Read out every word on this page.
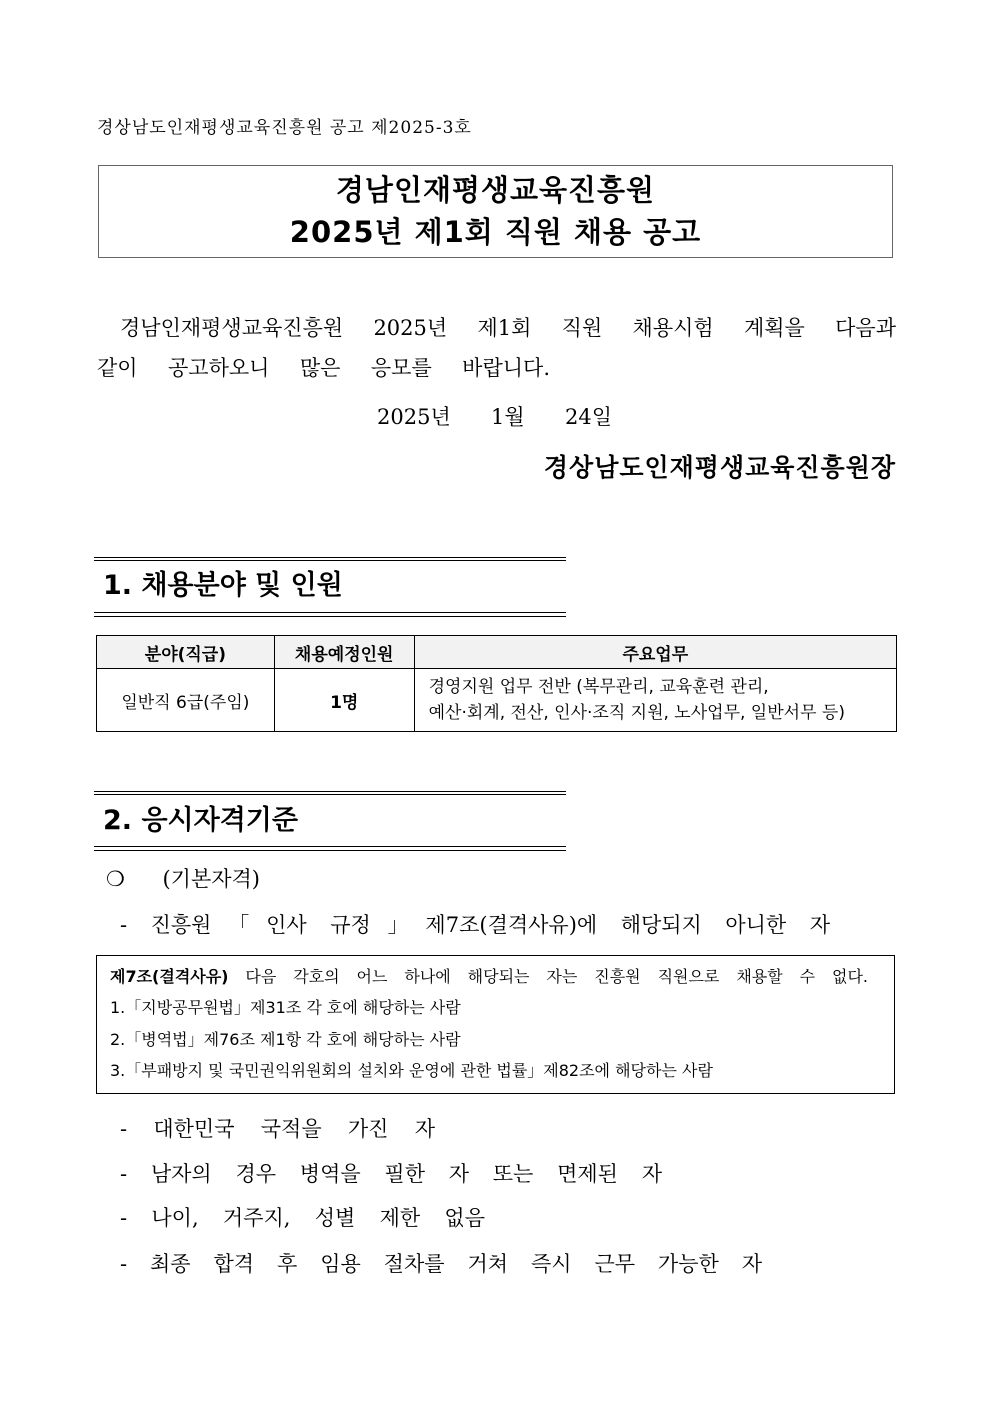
경상남도인재평생교육진흥원 공고 제2025-3호
경남인재평생교육진흥원
2025년 제1회 직원 채용 공고
경남인재평생교육진흥원 2025년 제1회 직원 채용시험 계획을 다음과
같이 공고하오니 많은 응모를 바랍니다.
2025년 1월 24일
경상남도인재평생교육진흥원장
1. 채용분야 및 인원
분야(직급)	채용예정인원	주요업무
일반직 6급(주임)	1명	경영지원 업무 전반 (복무관리, 교육훈련 관리,
예산·회계, 전산, 인사·조직 지원, 노사업무, 일반서무 등)
2. 응시자격기준
❍ (기본자격)
- 진흥원「인사 규정」제7조(결격사유)에 해당되지 아니한 자
제7조(결격사유) 다음 각호의 어느 하나에 해당되는 자는 진흥원 직원으로 채용할 수 없다.
1.「지방공무원법」제31조 각 호에 해당하는 사람
2.「병역법」제76조 제1항 각 호에 해당하는 사람
3.「부패방지 및 국민권익위원회의 설치와 운영에 관한 법률」제82조에 해당하는 사람
- 대한민국 국적을 가진 자
- 남자의 경우 병역을 필한 자 또는 면제된 자
- 나이, 거주지, 성별 제한 없음
- 최종 합격 후 임용 절차를 거쳐 즉시 근무 가능한 자
